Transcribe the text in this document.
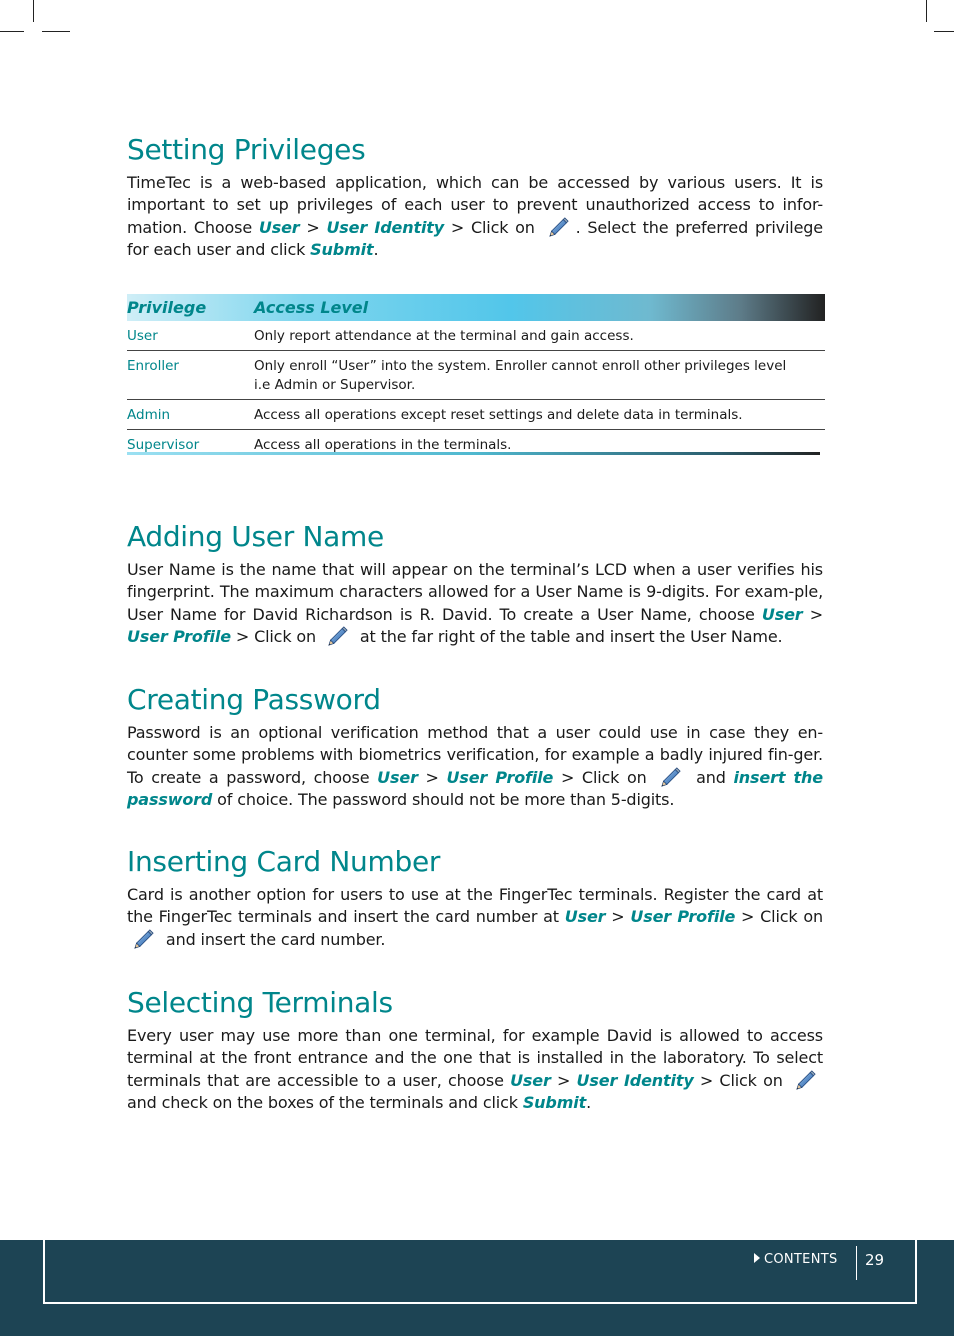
Setting Privileges

TimeTec is a web-based application, which can be accessed by various users. It is important to set up privileges of each user to prevent unauthorized access to infor-mation. Choose User > User Identity > Click on . Select the preferred privilege for each user and click Submit.

Privilege	Access Level
User	Only report attendance at the terminal and gain access.
Enroller	Only enroll “User” into the system. Enroller cannot enroll other privileges level i.e Admin or Supervisor.
Admin	Access all operations except reset settings and delete data in terminals.
Supervisor	Access all operations in the terminals.
Adding User Name

User Name is the name that will appear on the terminal’s LCD when a user verifies his fingerprint. The maximum characters allowed for a User Name is 9-digits. For exam-ple, User Name for David Richardson is R. David. To create a User Name, choose User > User Profile > Click on  at the far right of the table and insert the User Name.

Creating Password

Password is an optional verification method that a user could use in case they en-counter some problems with biometrics verification, for example a badly injured fin-ger. To create a password, choose User > User Profile > Click on  and insert the password of choice. The password should not be more than 5-digits.

Inserting Card Number

Card is another option for users to use at the FingerTec terminals. Register the card at the FingerTec terminals and insert the card number at User > User Profile > Click on  and insert the card number.

Selecting Terminals

Every user may use more than one terminal, for example David is allowed to access terminal at the front entrance and the one that is installed in the laboratory. To select terminals that are accessible to a user, choose User > User Identity > Click on  and check on the boxes of the terminals and click Submit.

CONTENTS 29
